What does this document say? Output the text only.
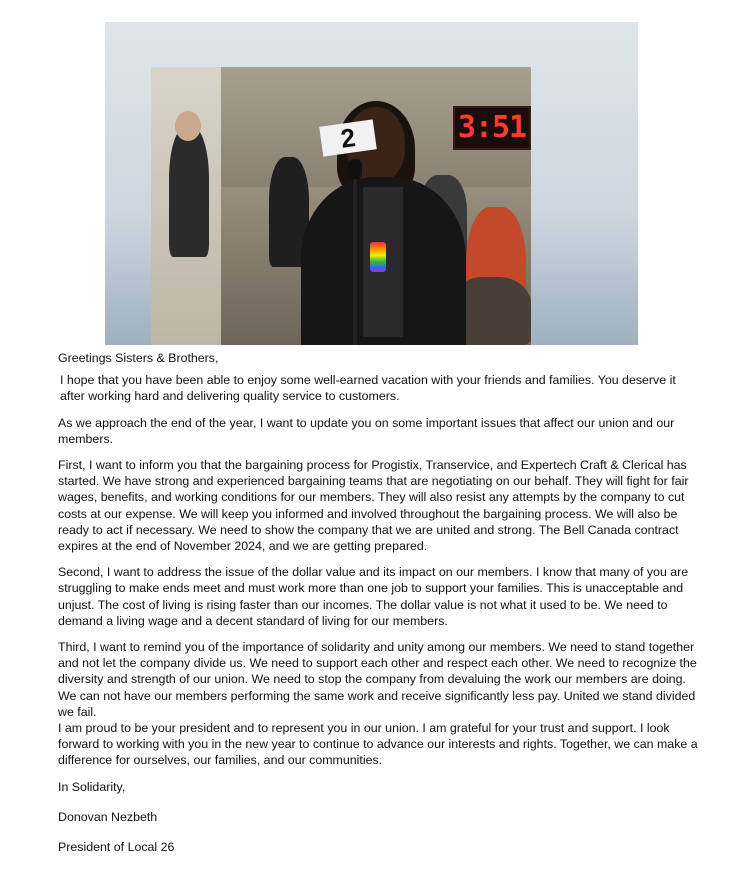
2	3:51

Greetings Sisters & Brothers,

I hope that you have been able to enjoy some well-earned vacation with your friends and families. You deserve it after working hard and delivering quality service to customers.

As we approach the end of the year, I want to update you on some important issues that affect our union and our members.

First, I want to inform you that the bargaining process for Progistix, Transervice, and Expertech Craft & Clerical has started. We have strong and experienced bargaining teams that are negotiating on our behalf. They will fight for fair wages, benefits, and working conditions for our members. They will also resist any attempts by the company to cut costs at our expense. We will keep you informed and involved throughout the bargaining process. We will also be ready to act if necessary. We need to show the company that we are united and strong. The Bell Canada contract expires at the end of November 2024, and we are getting prepared.

Second, I want to address the issue of the dollar value and its impact on our members. I know that many of you are struggling to make ends meet and must work more than one job to support your families. This is unacceptable and unjust. The cost of living is rising faster than our incomes. The dollar value is not what it used to be. We need to demand a living wage and a decent standard of living for our members.

Third, I want to remind you of the importance of solidarity and unity among our members. We need to stand together and not let the company divide us. We need to support each other and respect each other. We need to recognize the diversity and strength of our union. We need to stop the company from devaluing the work our members are doing. We can not have our members performing the same work and receive significantly less pay. United we stand divided we fail.

I am proud to be your president and to represent you in our union. I am grateful for your trust and support. I look forward to working with you in the new year to continue to advance our interests and rights. Together, we can make a difference for ourselves, our families, and our communities.

In Solidarity,

Donovan Nezbeth

President of Local 26
